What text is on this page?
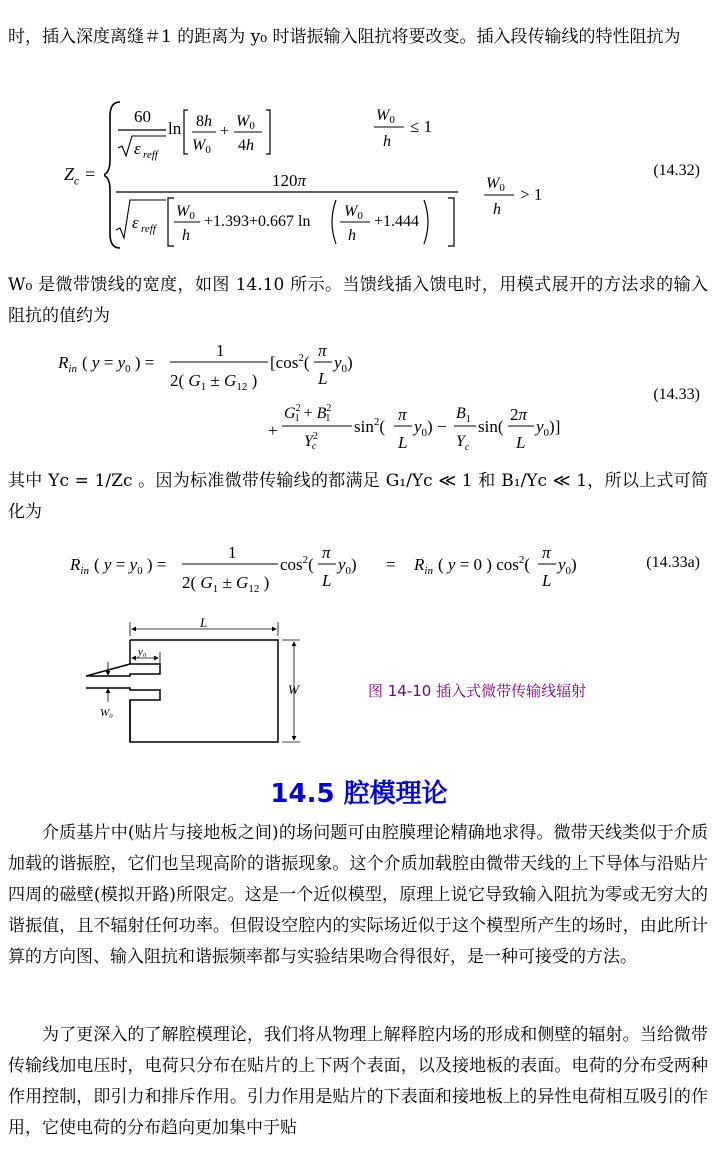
时，插入深度离缝＃1 的距离为 y₀ 时谐振输入阻抗将要改变。插入段传输线的特性阻抗为
$Z_c$ =
60
ε reff
ln 8h
W0
+
W0
4h
120π
ε reff
W0
h
+1.393+0.667 ln
W0
h
+1.444
W0
h
≤ 1
W0
h
> 1
(14.32)
W₀ 是微带馈线的宽度，如图 14.10 所示。当馈线插入馈电时，用模式展开的方法求的输入阻抗的值约为
$R_{in}$ ( $y = y_0$ ) =
1
2( $G_1 \pm G_{12}$ )
[$\cos^2$(
π
L
$y_0$)
+
$G^2$ $1 + B^2$ 1
$Y^2$ c
$\sin^2$(
π
L
$y_0$) −
$B_1$
$Y_c$
sin(
2π
L
$y_0$)]
(14.33)
其中 Yc = 1/Zc 。因为标准微带传输线的都满足 G₁/Yc ≪ 1 和 B₁/Yc ≪ 1，所以上式可简化为
$R_{in}$ ( $y = y_0$ ) =
1
2( $G_1 \pm G_{12}$ )
$\cos^2$(
π
L
$y_0) = R_{in}$ ( y = 0 ) $\cos^2$(
π
L
$y_0$)	(14.33a)
L
W
y₀
W₀
图 14-10 插入式微带传输线辐射
14.5 腔模理论
介质基片中(贴片与接地板之间)的场问题可由腔膜理论精确地求得。微带天线类似于介质加载的谐振腔，它们也呈现高阶的谐振现象。这个介质加载腔由微带天线的上下导体与沿贴片四周的磁壁(模拟开路)所限定。这是一个近似模型，原理上说它导致输入阻抗为零或无穷大的谐振值，且不辐射任何功率。但假设空腔内的实际场近似于这个模型所产生的场时，由此所计算的方向图、输入阻抗和谐振频率都与实验结果吻合得很好，是一种可接受的方法。
为了更深入的了解腔模理论，我们将从物理上解释腔内场的形成和侧壁的辐射。当给微带传输线加电压时，电荷只分布在贴片的上下两个表面，以及接地板的表面。电荷的分布受两种作用控制，即引力和排斥作用。引力作用是贴片的下表面和接地板上的异性电荷相互吸引的作用，它使电荷的分布趋向更加集中于贴
